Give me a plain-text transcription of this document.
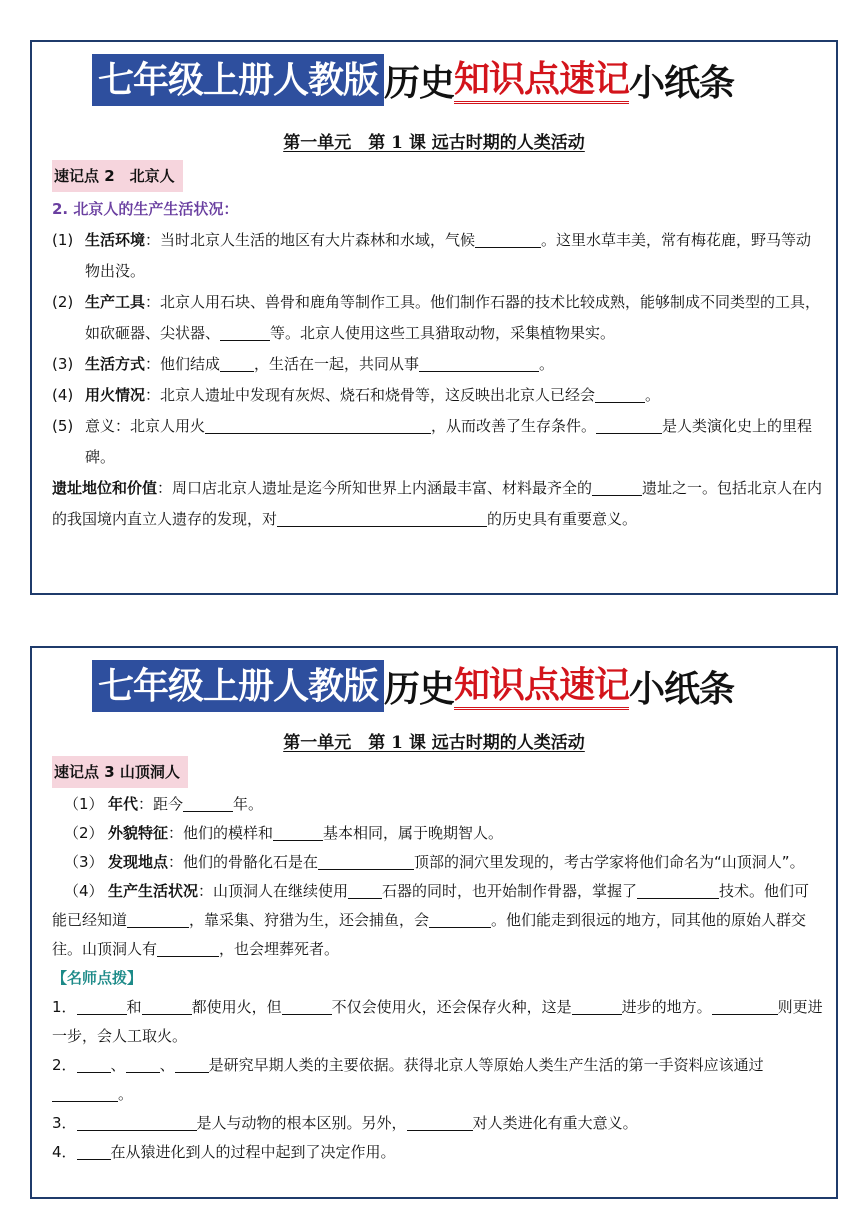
七年级上册人教版 历史 知识点速记 小纸条
第一单元　第 1 课 远古时期的人类活动
速记点 2　北京人
2. 北京人的生产生活状况：
(1) 生活环境：当时北京人生活的地区有大片森林和水域，气候	。这里水草丰美，常有梅花鹿，野马等动物出没。
(2) 生产工具：北京人用石块、兽骨和鹿角等制作工具。他们制作石器的技术比较成熟，能够制成不同类型的工具，如砍砸器、尖状器、	等。北京人使用这些工具猎取动物，采集植物果实。
(3) 生活方式：他们结成 ，生活在一起，共同从事	。
(4) 用火情况：北京人遗址中发现有灰烬、烧石和烧骨等，这反映出北京人已经会	。
(5) 意义：北京人用火	，从而改善了生存条件。	是人类演化史上的里程碑。
遗址地位和价值：周口店北京人遗址是迄今所知世界上内涵最丰富、材料最齐全的	遗址之一。包括北京人在内的我国境内直立人遗存的发现，对	的历史具有重要意义。
七年级上册人教版 历史 知识点速记 小纸条
第一单元　第 1 课 远古时期的人类活动
速记点 3 山顶洞人
（1） 年代：距今	年。
（2） 外貌特征：他们的模样和	基本相同，属于晚期智人。
（3） 发现地点：他们的骨骼化石是在	顶部的洞穴里发现的，考古学家将他们命名为“山顶洞人”。
（4） 生产生活状况：山顶洞人在继续使用 石器的同时，也开始制作骨器，掌握了	技术。他们可能已经知道	，靠采集、狩猎为生，还会捕鱼，会	。他们能走到很远的地方，同其他的原始人群交往。山顶洞人有	，也会埋葬死者。
【名师点拨】
1．	和	都使用火，但	不仅会使用火，还会保存火种，这是	进步的地方。	则更进一步，会人工取火。
2． 、 、 是研究早期人类的主要依据。获得北京人等原始人类生产生活的第一手资料应该通过。
3．	是人与动物的根本区别。另外，	对人类进化有重大意义。
4． 在从猿进化到人的过程中起到了决定作用。
